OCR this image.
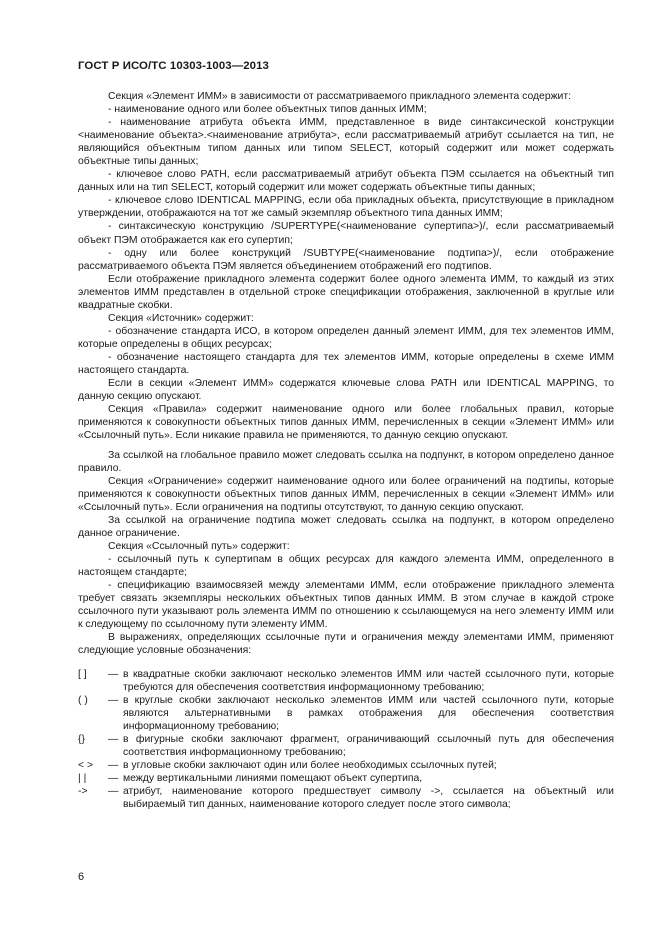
ГОСТ Р ИСО/ТС 10303-1003—2013

Секция «Элемент ИММ» в зависимости от рассматриваемого прикладного элемента содержит:

- наименование одного или более объектных типов данных ИММ;

- наименование атрибута объекта ИММ, представленное в виде синтаксической конструкции <наименование объекта>.<наименование атрибута>, если рассматриваемый атрибут ссылается на тип, не являющийся объектным типом данных или типом SELECT, который содержит или может содержать объектные типы данных;

- ключевое слово PATH, если рассматриваемый атрибут объекта ПЭМ ссылается на объектный тип данных или на тип SELECT, который содержит или может содержать объектные типы данных;

- ключевое слово IDENTICAL MAPPING, если оба прикладных объекта, присутствующие в прикладном утверждении, отображаются на тот же самый экземпляр объектного типа данных ИММ;

- синтаксическую конструкцию /SUPERTYPE(<наименование супертипа>)/, если рассматриваемый объект ПЭМ отображается как его супертип;

- одну или более конструкций /SUBTYPE(<наименование подтипа>)/, если отображение рассматриваемого объекта ПЭМ является объединением отображений его подтипов.

Если отображение прикладного элемента содержит более одного элемента ИММ, то каждый из этих элементов ИММ представлен в отдельной строке спецификации отображения, заключенной в круглые или квадратные скобки.

Секция «Источник» содержит:

- обозначение стандарта ИСО, в котором определен данный элемент ИММ, для тех элементов ИММ, которые определены в общих ресурсах;

- обозначение настоящего стандарта для тех элементов ИММ, которые определены в схеме ИММ настоящего стандарта.

Если в секции «Элемент ИММ» содержатся ключевые слова PATH или IDENTICAL MAPPING, то данную секцию опускают.

Секция «Правила» содержит наименование одного или более глобальных правил, которые применяются к совокупности объектных типов данных ИММ, перечисленных в секции «Элемент ИММ» или «Ссылочный путь». Если никакие правила не применяются, то данную секцию опускают.

За ссылкой на глобальное правило может следовать ссылка на подпункт, в котором определено данное правило.

Секция «Ограничение» содержит наименование одного или более ограничений на подтипы, которые применяются к совокупности объектных типов данных ИММ, перечисленных в секции «Элемент ИММ» или «Ссылочный путь». Если ограничения на подтипы отсутствуют, то данную секцию опускают.

За ссылкой на ограничение подтипа может следовать ссылка на подпункт, в котором определено данное ограничение.

Секция «Ссылочный путь» содержит:

- ссылочный путь к супертипам в общих ресурсах для каждого элемента ИММ, определенного в настоящем стандарте;

- спецификацию взаимосвязей между элементами ИММ, если отображение прикладного элемента требует связать экземпляры нескольких объектных типов данных ИММ. В этом случае в каждой строке ссылочного пути указывают роль элемента ИММ по отношению к ссылающемуся на него элементу ИММ или к следующему по ссылочному пути элементу ИММ.

В выражениях, определяющих ссылочные пути и ограничения между элементами ИММ, применяют следующие условные обозначения:

[ ]	— в квадратные скобки заключают несколько элементов ИММ или частей ссылочного пути, которые требуются для обеспечения соответствия информационному требованию;
( )	— в круглые скобки заключают несколько элементов ИММ или частей ссылочного пути, которые являются альтернативными в рамках отображения для обеспечения соответствия информационному требованию;
{}	— в фигурные скобки заключают фрагмент, ограничивающий ссылочный путь для обеспечения соответствия информационному требованию;
< >	— в угловые скобки заключают один или более необходимых ссылочных путей;
| |	— между вертикальными линиями помещают объект супертипа,
->	— атрибут, наименование которого предшествует символу ->, ссылается на объектный или выбираемый тип данных, наименование которого следует после этого символа;
6
